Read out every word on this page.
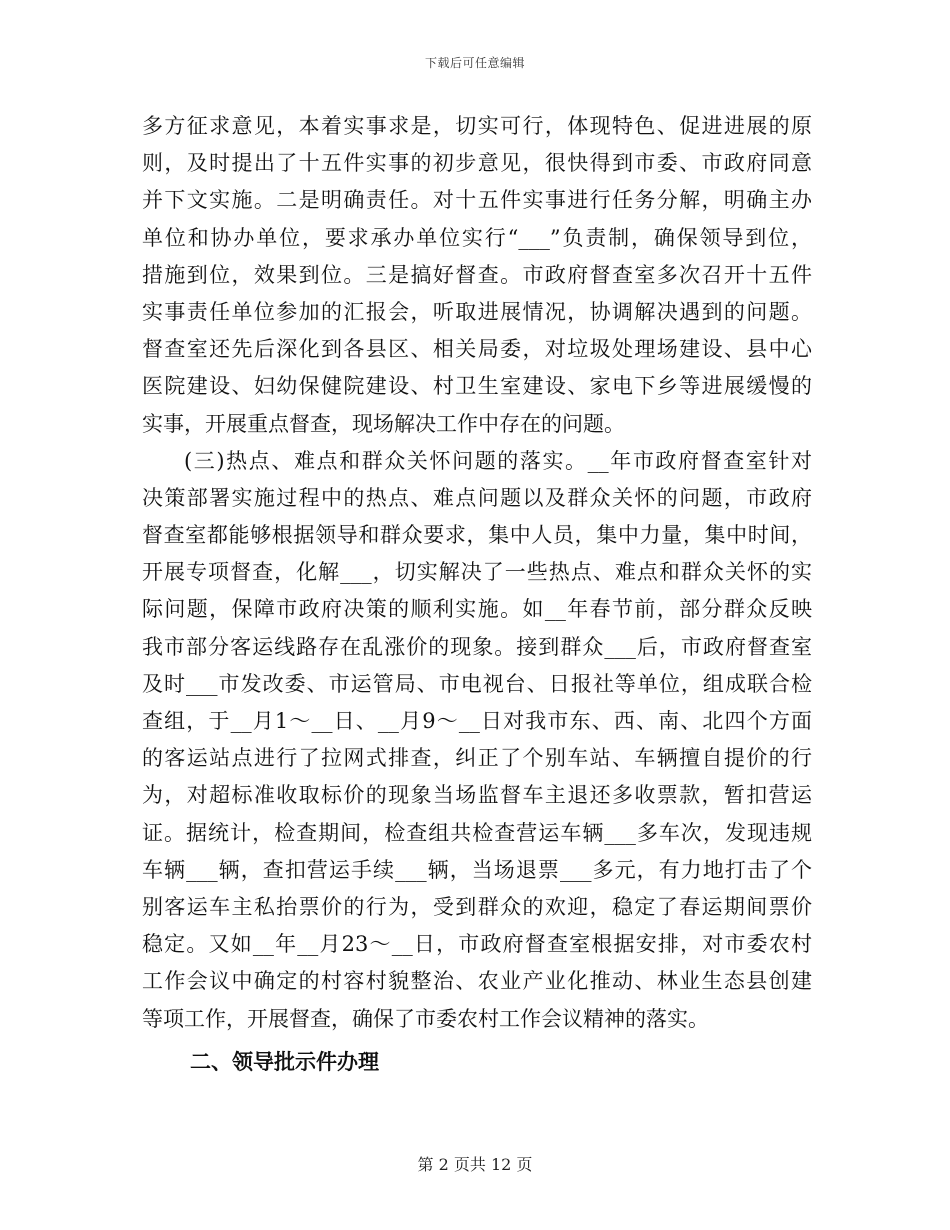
下载后可任意编辑
多方征求意见，本着实事求是，切实可行，体现特色、促进进展的原
则，及时提出了十五件实事的初步意见，很快得到市委、市政府同意
并下文实施。二是明确责任。对十五件实事进行任务分解，明确主办
单位和协办单位，要求承办单位实行“___”负责制，确保领导到位，
措施到位，效果到位。三是搞好督查。市政府督查室多次召开十五件
实事责任单位参加的汇报会，听取进展情况，协调解决遇到的问题。
督查室还先后深化到各县区、相关局委，对垃圾处理场建设、县中心
医院建设、妇幼保健院建设、村卫生室建设、家电下乡等进展缓慢的
实事，开展重点督查，现场解决工作中存在的问题。
(三)热点、难点和群众关怀问题的落实。__年市政府督查室针对
决策部署实施过程中的热点、难点问题以及群众关怀的问题，市政府
督查室都能够根据领导和群众要求，集中人员，集中力量，集中时间，
开展专项督查，化解___，切实解决了一些热点、难点和群众关怀的实
际问题，保障市政府决策的顺利实施。如__年春节前，部分群众反映
我市部分客运线路存在乱涨价的现象。接到群众___后，市政府督查室
及时___市发改委、市运管局、市电视台、日报社等单位，组成联合检
查组，于__月1～__日、__月9～__日对我市东、西、南、北四个方面
的客运站点进行了拉网式排查，纠正了个别车站、车辆擅自提价的行
为，对超标准收取标价的现象当场监督车主退还多收票款，暂扣营运
证。据统计，检查期间，检查组共检查营运车辆___多车次，发现违规
车辆___辆，查扣营运手续___辆，当场退票___多元，有力地打击了个
别客运车主私抬票价的行为，受到群众的欢迎，稳定了春运期间票价
稳定。又如__年__月23～__日，市政府督查室根据安排，对市委农村
工作会议中确定的村容村貌整治、农业产业化推动、林业生态县创建
等项工作，开展督查，确保了市委农村工作会议精神的落实。
二、领导批示件办理
第 2 页共 12 页
